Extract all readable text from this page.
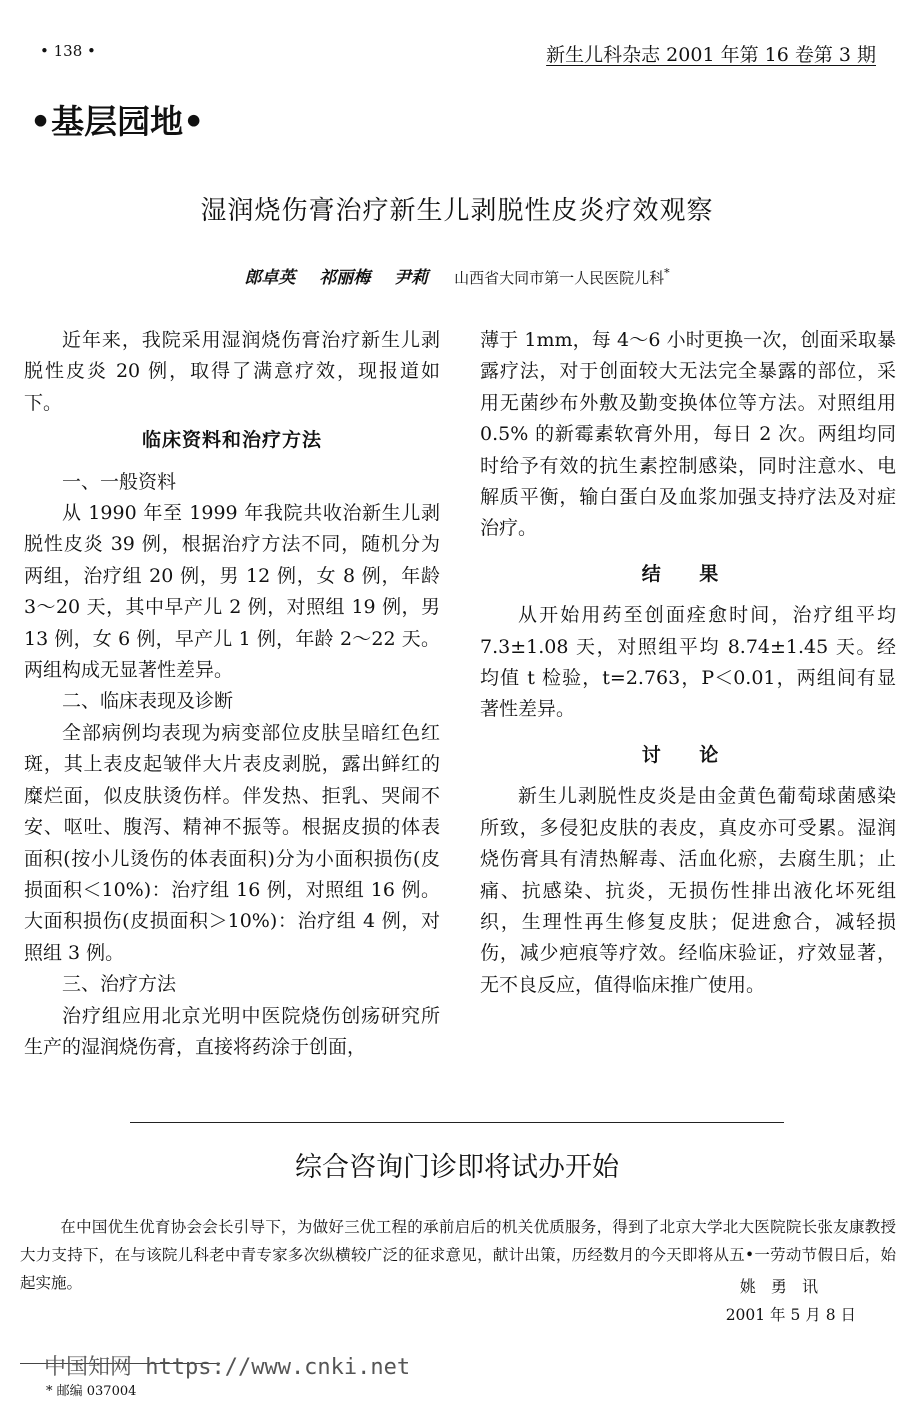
• 138 •	新生儿科杂志 2001 年第 16 卷第 3 期
•基层园地•
湿润烧伤膏治疗新生儿剥脱性皮炎疗效观察
郎卓英 祁丽梅 尹莉 山西省大同市第一人民医院儿科*

近年来，我院采用湿润烧伤膏治疗新生儿剥脱性皮炎 20 例，取得了满意疗效，现报道如下。

临床资料和治疗方法

一、一般资料

从 1990 年至 1999 年我院共收治新生儿剥脱性皮炎 39 例，根据治疗方法不同，随机分为两组，治疗组 20 例，男 12 例，女 8 例，年龄 3～20 天，其中早产儿 2 例，对照组 19 例，男 13 例，女 6 例，早产儿 1 例，年龄 2～22 天。两组构成无显著性差异。

二、临床表现及诊断

全部病例均表现为病变部位皮肤呈暗红色红斑，其上表皮起皱伴大片表皮剥脱，露出鲜红的糜烂面，似皮肤烫伤样。伴发热、拒乳、哭闹不安、呕吐、腹泻、精神不振等。根据皮损的体表面积(按小儿烫伤的体表面积)分为小面积损伤(皮损面积＜10%)：治疗组 16 例，对照组 16 例。大面积损伤(皮损面积＞10%)：治疗组 4 例，对照组 3 例。

三、治疗方法

治疗组应用北京光明中医院烧伤创疡研究所生产的湿润烧伤膏，直接将药涂于创面，

薄于 1mm，每 4～6 小时更换一次，创面采取暴露疗法，对于创面较大无法完全暴露的部位，采用无菌纱布外敷及勤变换体位等方法。对照组用 0.5% 的新霉素软膏外用，每日 2 次。两组均同时给予有效的抗生素控制感染，同时注意水、电解质平衡，输白蛋白及血浆加强支持疗法及对症治疗。

结 果

从开始用药至创面痊愈时间，治疗组平均 7.3±1.08 天，对照组平均 8.74±1.45 天。经均值 t 检验，t=2.763，P＜0.01，两组间有显著性差异。

讨 论

新生儿剥脱性皮炎是由金黄色葡萄球菌感染所致，多侵犯皮肤的表皮，真皮亦可受累。湿润烧伤膏具有清热解毒、活血化瘀，去腐生肌；止痛、抗感染、抗炎，无损伤性排出液化坏死组织，生理性再生修复皮肤；促进愈合，减轻损伤，减少疤痕等疗效。经临床验证，疗效显著，无不良反应，值得临床推广使用。

综合咨询门诊即将试办开始

在中国优生优育协会会长引导下，为做好三优工程的承前启后的机关优质服务，得到了北京大学北大医院院长张友康教授大力支持下，在与该院儿科老中青专家多次纵横较广泛的征求意见，献计出策，历经数月的今天即将从五•一劳动节假日后，始起实施。	姚 勇 讯
2001 年 5 月 8 日
中国知网 https://www.cnki.net
* 邮编 037004
